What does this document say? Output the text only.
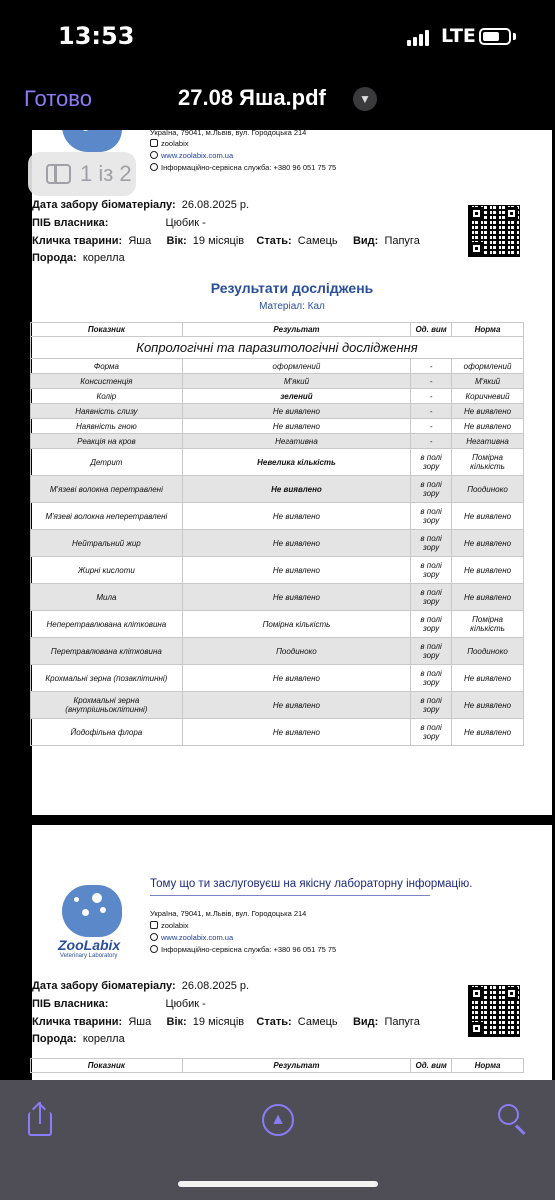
13:53	LTE
Готово	27.08 Яша.pdf	▼
Україна, 79041, м.Львів, вул. Городоцька 214
zoolabix
www.zoolabix.com.ua
Інформаційно-сервісна служба: +380 96 051 75 75
Дата забору біоматеріалу: 26.08.2025 р.
ПІБ власника:	Цюбик -
Кличка тварини: Яша Вік: 19 місяців Стать: Самець Вид: Папуга
Порода: корелла
Результати досліджень
Матеріал: Кал
Показник	Результат	Од. вим	Норма
Копрологічні та паразитологічні дослідження			
Форма	оформлений	-	оформлений
Консистенція	М'який	-	М'який
Колір	зелений	-	Коричневий
Наявність слизу	Не виявлено	-	Не виявлено
Наявність гною	Не виявлено	-	Не виявлено
Реакція на кров	Негативна	-	Негативна
Детрит	Невелика кількість	в полі зору	Помірна кількість
М'язеві волокна перетравлені	Не виявлено	в полі зору	Поодиноко
М'язеві волокна неперетравлені	Не виявлено	в полі зору	Не виявлено
Нейтральний жир	Не виявлено	в полі зору	Не виявлено
Жирні кислоти	Не виявлено	в полі зору	Не виявлено
Мила	Не виявлено	в полі зору	Не виявлено
Неперетравлювана клітковина	Помірна кількість	в полі зору	Помірна кількість
Перетравлювана клітковина	Поодиноко	в полі зору	Поодиноко
Крохмальні зерна (позаклітинні)	Не виявлено	в полі зору	Не виявлено
Крохмальні зерна (внутрішньоклітинні)	Не виявлено	в полі зору	Не виявлено
Йодофільна флора	Не виявлено	в полі зору	Не виявлено
1 із 2
ZooLabix
Veterinary Laboratory
Тому що ти заслуговуєш на якісну лабораторну інформацію.
Україна, 79041, м.Львів, вул. Городоцька 214
zoolabix
www.zoolabix.com.ua
Інформаційно-сервісна служба: +380 96 051 75 75
Дата забору біоматеріалу: 26.08.2025 р.
ПІБ власника:	Цюбик -
Кличка тварини: Яша Вік: 19 місяців Стать: Самець Вид: Папуга
Порода: корелла
Показник	Результат	Од. вим	Норма
▲
